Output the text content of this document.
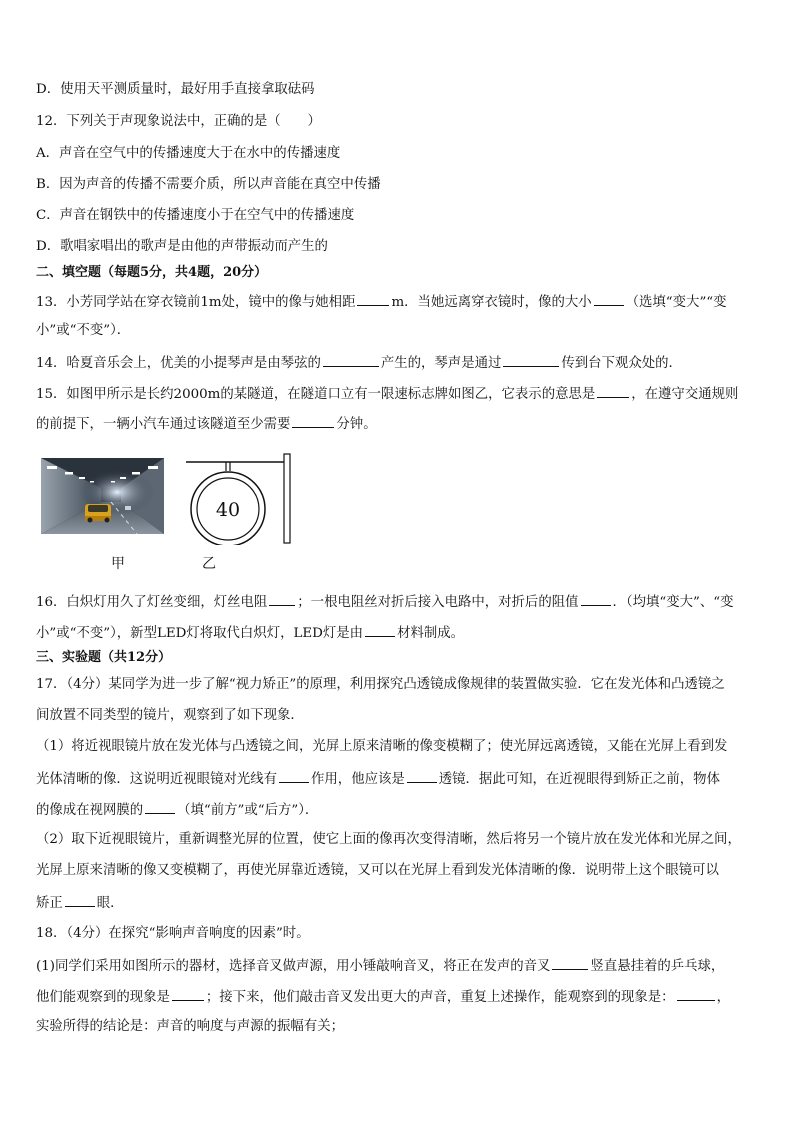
D．使用天平测质量时，最好用手直接拿取砝码
12．下列关于声现象说法中，正确的是（　　）
A．声音在空气中的传播速度大于在水中的传播速度
B．因为声音的传播不需要介质，所以声音能在真空中传播
C．声音在钢铁中的传播速度小于在空气中的传播速度
D．歌唱家唱出的歌声是由他的声带振动而产生的
二、填空题（每题5分，共4题，20分）
13．小芳同学站在穿衣镜前1m处，镜中的像与她相距	m．当她远离穿衣镜时，像的大小	（选填“变大”“变
小”或“不变”）．
14．哈夏音乐会上，优美的小提琴声是由琴弦的	产生的，琴声是通过	传到台下观众处的．
15．如图甲所示是长约2000m的某隧道，在隧道口立有一限速标志牌如图乙，它表示的意思是	，在遵守交通规则
的前提下，一辆小汽车通过该隧道至少需要	分钟。
40
甲	乙
16．白炽灯用久了灯丝变细，灯丝电阻 ；一根电阻丝对折后接入电路中，对折后的阻值	．（均填“变大”、“变
小”或“不变”），新型LED灯将取代白炽灯，LED灯是由	材料制成。
三、实验题（共12分）
17．（4分）某同学为进一步了解“视力矫正”的原理，利用探究凸透镜成像规律的装置做实验．它在发光体和凸透镜之
间放置不同类型的镜片，观察到了如下现象．
（1）将近视眼镜片放在发光体与凸透镜之间，光屏上原来清晰的像变模糊了；使光屏远离透镜，又能在光屏上看到发
光体清晰的像．这说明近视眼镜对光线有	作用，他应该是	透镜．据此可知，在近视眼得到矫正之前，物体
的像成在视网膜的	（填“前方”或“后方”）．
（2）取下近视眼镜片，重新调整光屏的位置，使它上面的像再次变得清晰，然后将另一个镜片放在发光体和光屏之间，
光屏上原来清晰的像又变模糊了，再使光屏靠近透镜，又可以在光屏上看到发光体清晰的像．说明带上这个眼镜可以
矫正	眼．
18．（4分）在探究“影响声音响度的因素”时。
(1)同学们采用如图所示的器材，选择音叉做声源，用小锤敲响音叉，将正在发声的音叉	竖直悬挂着的乒乓球，
他们能观察到的现象是	；接下来，他们敲击音叉发出更大的声音，重复上述操作，能观察到的现象是：	，
实验所得的结论是：声音的响度与声源的振幅有关；
